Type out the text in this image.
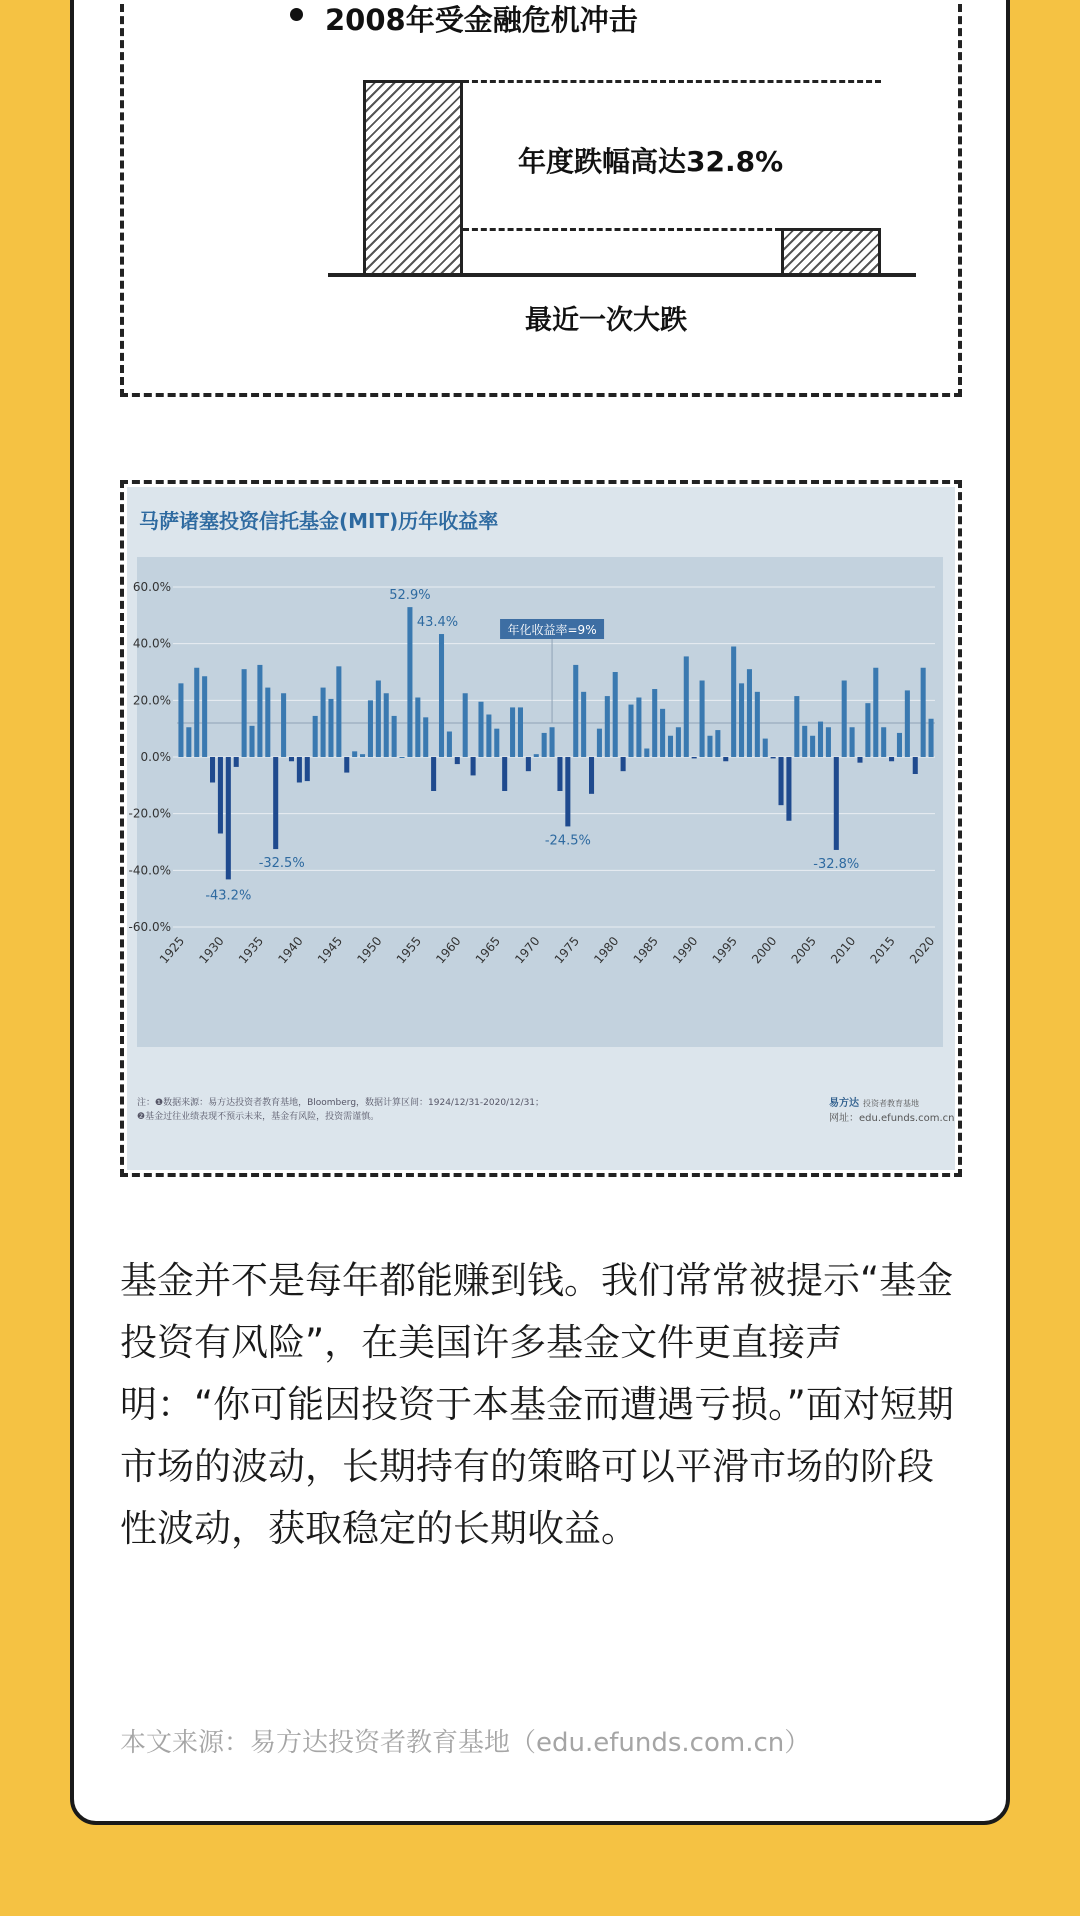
2008年受金融危机冲击
年度跌幅高达32.8%
最近一次大跌
马萨诸塞投资信托基金(MIT)历年收益率
60.0%
40.0%
20.0%
0.0%
-20.0%
-40.0%
-60.0%
1925 1930 1935 1940 1945 1950 1955 1960 1965 1970 1975 1980 1985 1990 1995 2000 2005 2010 2015 2020
52.9%
43.4%
-43.2%
-32.5%
-24.5%
-32.8%
年化收益率=9%
注：❶数据来源：易方达投资者教育基地，Bloomberg，数据计算区间：1924/12/31-2020/12/31；
❷基金过往业绩表现不预示未来，基金有风险，投资需谨慎。
易方达 投资者教育基地
网址：edu.efunds.com.cn

基金并不是每年都能赚到钱。我们常常被提示“基金投资有风险”，在美国许多基金文件更直接声明：“你可能因投资于本基金而遭遇亏损。”面对短期市场的波动，长期持有的策略可以平滑市场的阶段性波动，获取稳定的长期收益。

本文来源：易方达投资者教育基地（edu.efunds.com.cn）
